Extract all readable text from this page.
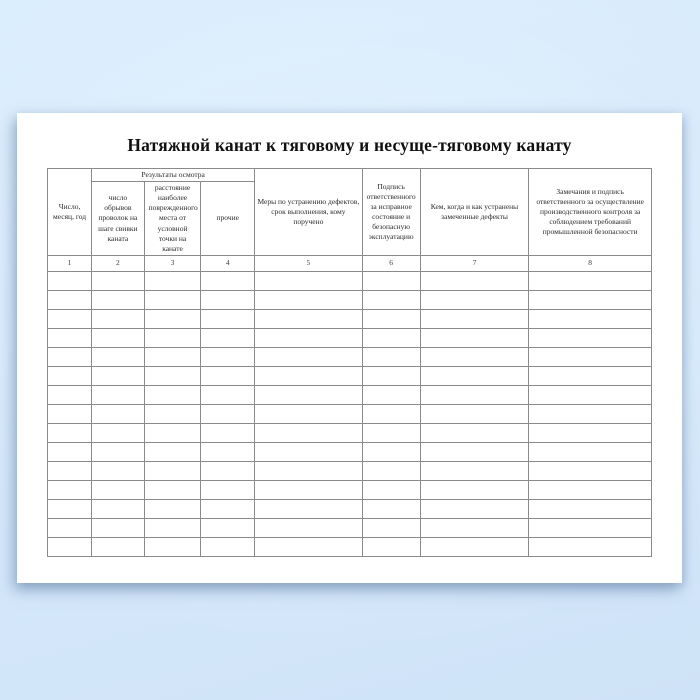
Натяжной канат к тяговому и несуще-тяговому канату
Число, месяц, год	Результаты осмотра			Меры по устранению дефектов, срок выполнения, кому поручено	Подпись ответственного за исправное состояние и безопасную эксплуатацию	Кем, когда и как устранены замеченные дефекты	Замечания и подпись ответственного за осуществление производственного контроля за соблюдением требований промышленной безопасности
	число обрывов проволок на шаге свивки каната	расстояние наиболее поврежденного места от условной точки на канате	прочие				
1	2	3	4	5	6	7	8
